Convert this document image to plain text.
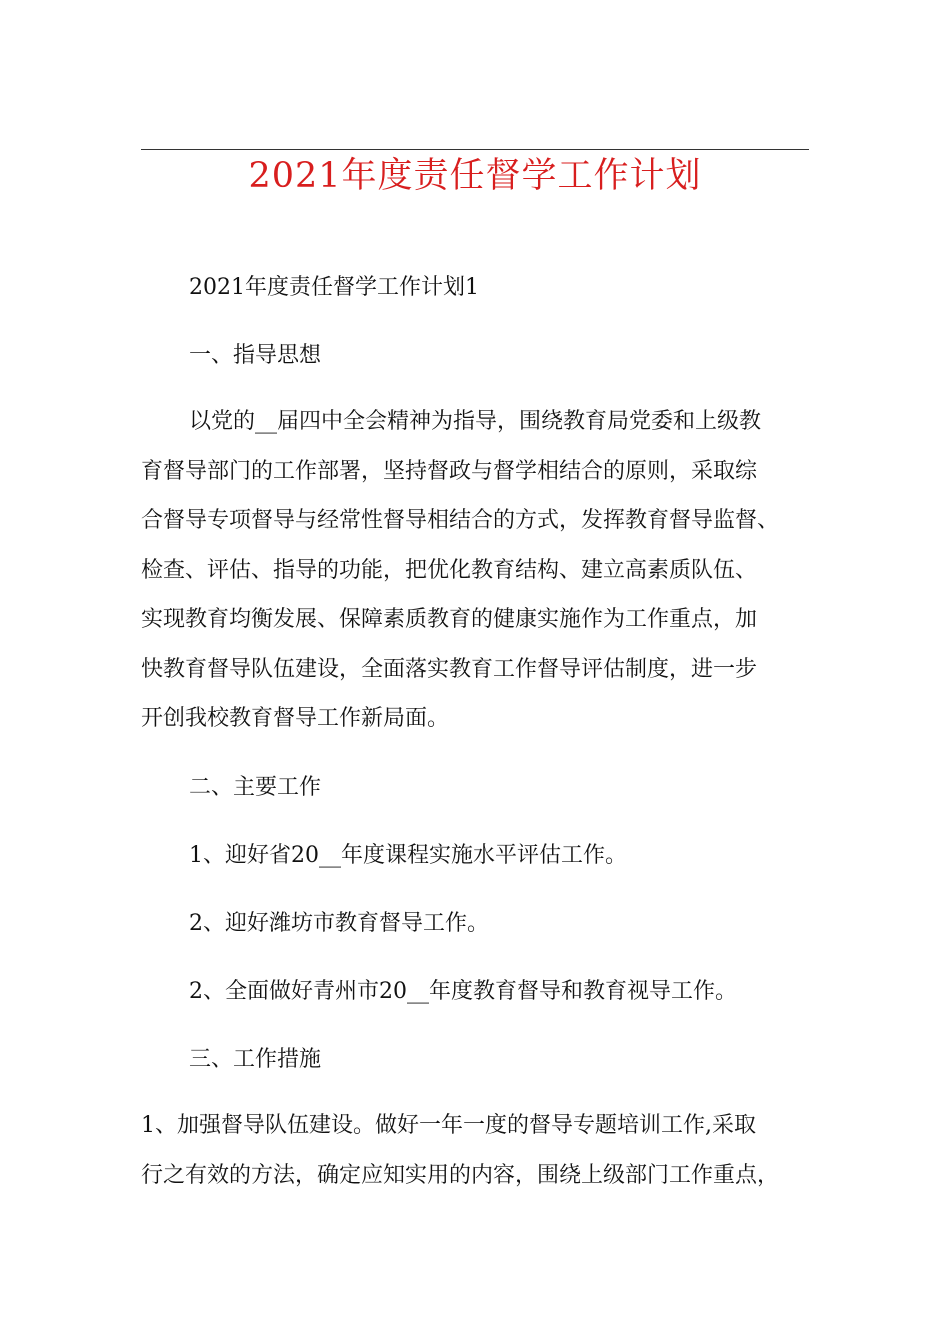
2021年度责任督学工作计划

2021年度责任督学工作计划1

一、指导思想

以党的__届四中全会精神为指导，围绕教育局党委和上级教
育督导部门的工作部署，坚持督政与督学相结合的原则，采取综
合督导专项督导与经常性督导相结合的方式，发挥教育督导监督、
检查、评估、指导的功能，把优化教育结构、建立高素质队伍、
实现教育均衡发展、保障素质教育的健康实施作为工作重点，加
快教育督导队伍建设，全面落实教育工作督导评估制度，进一步
开创我校教育督导工作新局面。

二、主要工作

1、迎好省20__年度课程实施水平评估工作。

2、迎好潍坊市教育督导工作。

2、全面做好青州市20__年度教育督导和教育视导工作。

三、工作措施

1、加强督导队伍建设。做好一年一度的督导专题培训工作,采取
行之有效的方法，确定应知实用的内容，围绕上级部门工作重点，
